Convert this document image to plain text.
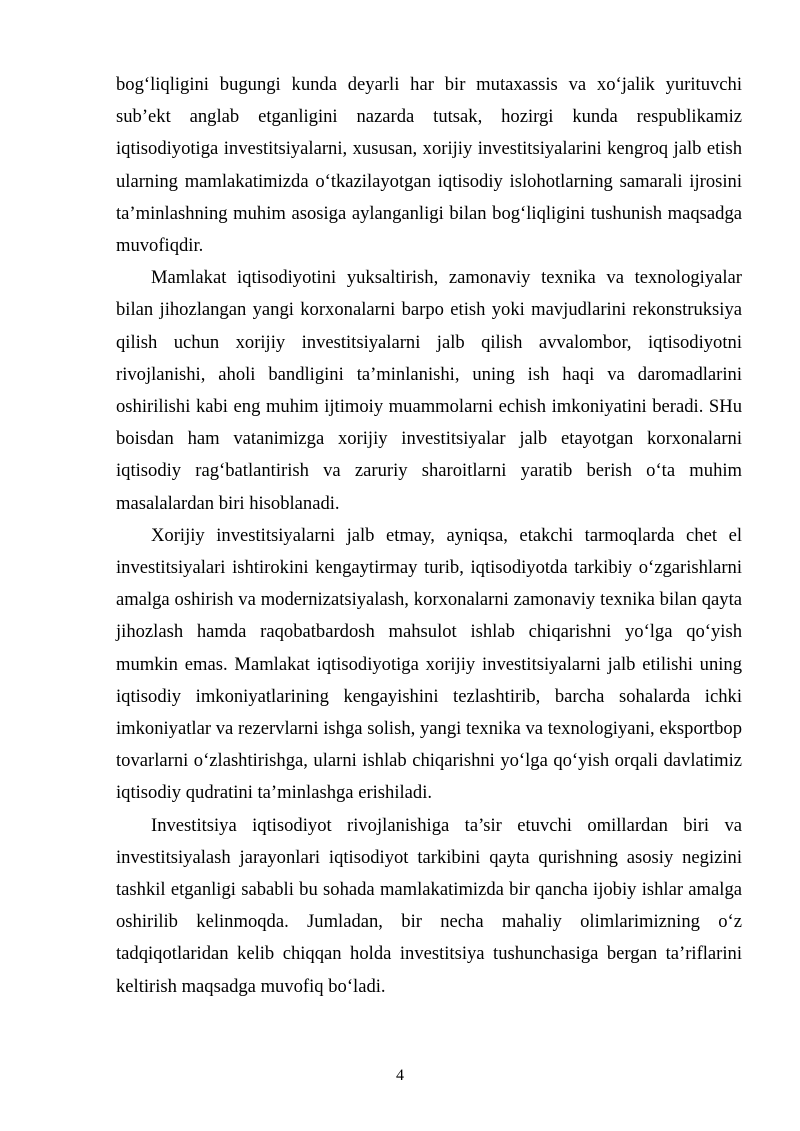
bog‘liqligini bugungi kunda deyarli har bir mutaxassis va xo‘jalik yurituvchi sub’ekt anglab etganligini nazarda tutsak, hozirgi kunda respublikamiz iqtisodiyotiga investitsiyalarni, xususan, xorijiy investitsiyalarini kengroq jalb etish ularning mamlakatimizda o‘tkazilayotgan iqtisodiy islohotlarning samarali ijrosini ta’minlashning muhim asosiga aylanganligi bilan bog‘liqligini tushunish maqsadga muvofiqdir.

Mamlakat iqtisodiyotini yuksaltirish, zamonaviy texnika va texnologiyalar bilan jihozlangan yangi korxonalarni barpo etish yoki mavjudlarini rekonstruksiya qilish uchun xorijiy investitsiyalarni jalb qilish avvalombor, iqtisodiyotni rivojlanishi, aholi bandligini ta’minlanishi, uning ish haqi va daromadlarini oshirilishi kabi eng muhim ijtimoiy muammolarni echish imkoniyatini beradi. SHu boisdan ham vatanimizga xorijiy investitsiyalar jalb etayotgan korxonalarni iqtisodiy rag‘batlantirish va zaruriy sharoitlarni yaratib berish o‘ta muhim masalalardan biri hisoblanadi.

Xorijiy investitsiyalarni jalb etmay, ayniqsa, etakchi tarmoqlarda chet el investitsiyalari ishtirokini kengaytirmay turib, iqtisodiyotda tarkibiy o‘zgarishlarni amalga oshirish va modernizatsiyalash, korxonalarni zamonaviy texnika bilan qayta jihozlash hamda raqobatbardosh mahsulot ishlab chiqarishni yo‘lga qo‘yish mumkin emas. Mamlakat iqtisodiyotiga xorijiy investitsiyalarni jalb etilishi uning iqtisodiy imkoniyatlarining kengayishini tezlashtirib, barcha sohalarda ichki imkoniyatlar va rezervlarni ishga solish, yangi texnika va texnologiyani, eksportbop tovarlarni o‘zlashtirishga, ularni ishlab chiqarishni yo‘lga qo‘yish orqali davlatimiz iqtisodiy qudratini ta’minlashga erishiladi.

Investitsiya iqtisodiyot rivojlanishiga ta’sir etuvchi omillardan biri va investitsiyalash jarayonlari iqtisodiyot tarkibini qayta qurishning asosiy negizini tashkil etganligi sababli bu sohada mamlakatimizda bir qancha ijobiy ishlar amalga oshirilib kelinmoqda. Jumladan, bir necha mahaliy olimlarimizning o‘z tadqiqotlaridan kelib chiqqan holda investitsiya tushunchasiga bergan ta’riflarini keltirish maqsadga muvofiq bo‘ladi.

4
